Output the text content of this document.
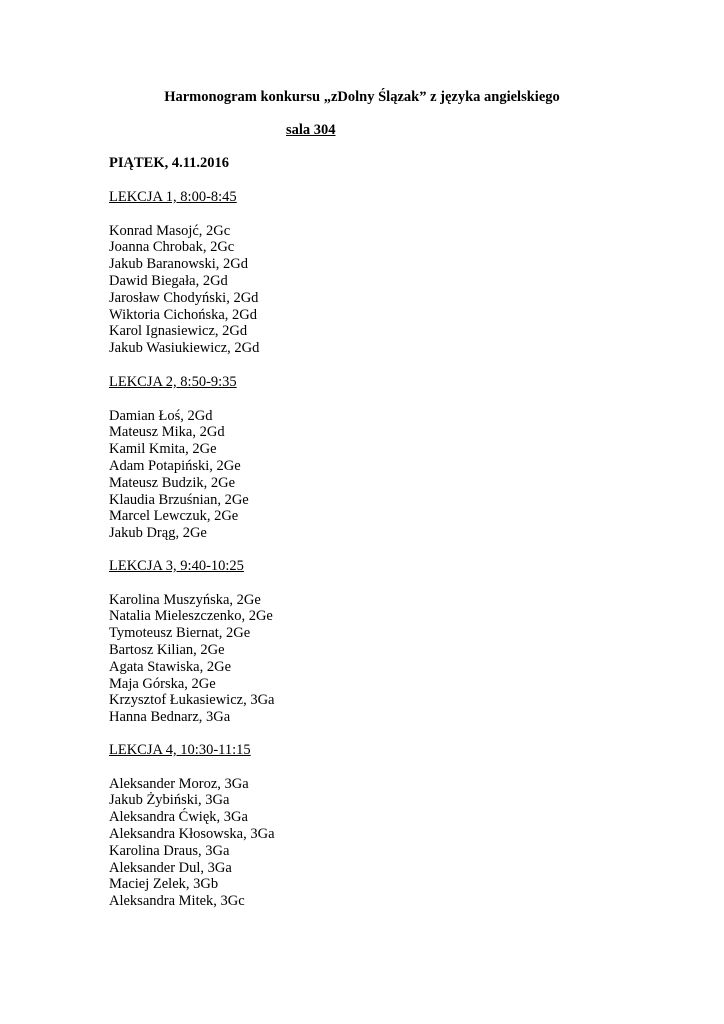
Harmonogram konkursu „zDolny Ślązak” z języka angielskiego
sala 304
PIĄTEK, 4.11.2016

LEKCJA 1, 8:00-8:45

Konrad Masojć, 2Gc
Joanna Chrobak, 2Gc
Jakub Baranowski, 2Gd
Dawid Biegała, 2Gd
Jarosław Chodyński, 2Gd
Wiktoria Cichońska, 2Gd
Karol Ignasiewicz, 2Gd
Jakub Wasiukiewicz, 2Gd

LEKCJA 2, 8:50-9:35

Damian Łoś, 2Gd
Mateusz Mika, 2Gd
Kamil Kmita, 2Ge
Adam Potapiński, 2Ge
Mateusz Budzik, 2Ge
Klaudia Brzuśnian, 2Ge
Marcel Lewczuk, 2Ge
Jakub Drąg, 2Ge

LEKCJA 3, 9:40-10:25

Karolina Muszyńska, 2Ge
Natalia Mieleszczenko, 2Ge
Tymoteusz Biernat, 2Ge
Bartosz Kilian, 2Ge
Agata Stawiska, 2Ge
Maja Górska, 2Ge
Krzysztof Łukasiewicz, 3Ga
Hanna Bednarz, 3Ga

LEKCJA 4, 10:30-11:15

Aleksander Moroz, 3Ga
Jakub Żybiński, 3Ga
Aleksandra Ćwięk, 3Ga
Aleksandra Kłosowska, 3Ga
Karolina Draus, 3Ga
Aleksander Dul, 3Ga
Maciej Zelek, 3Gb
Aleksandra Mitek, 3Gc
